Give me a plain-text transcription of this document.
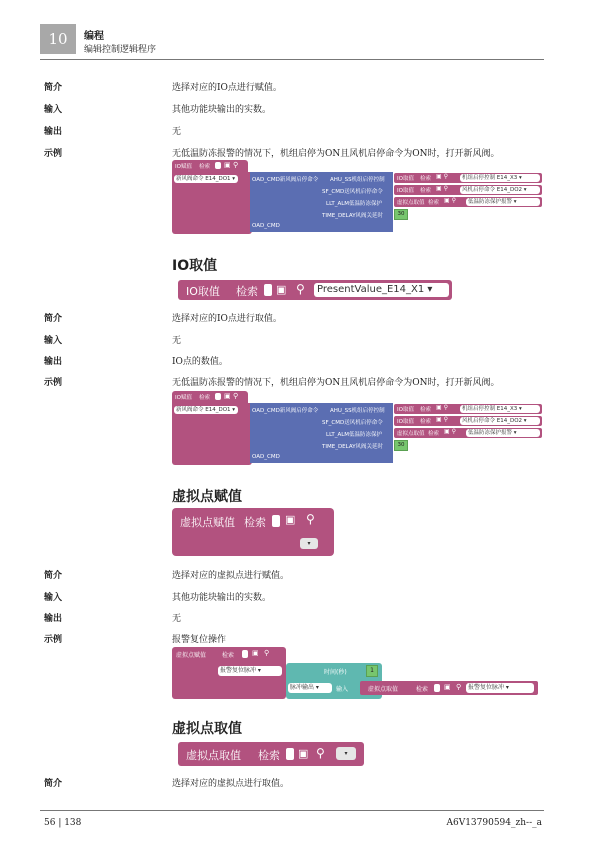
10 编程
编辑控制逻辑程序
简介	选择对应的IO点进行赋值。
输入	其他功能块输出的实数。
输出	无
示例	无低温防冻报警的情况下，机组启停为ON且风机启停命令为ON时，打开新风阀。
IO赋值 检索 ▣ ⚲
新风阀命令 E14_DO1 ▾	OAD_CMD新风阀启停命令 AHU_SS机组启停控制
SF_CMD送风机启停命令
LLT_ALM低温防冻保护
TIME_DELAY风阀关延时
OAD_CMD
IO取值 检索 ▣ ⚲	机组启停控制 E14_X3 ▾
IO取值 检索 ▣ ⚲	风机启停命令 E14_DO2 ▾
虚拟点取值 检索 ▣ ⚲	低温防冻保护报警 ▾
30
IO取值
IO取值 检索 ▣ ⚲	PresentValue_E14_X1 ▾
简介	选择对应的IO点进行取值。
输入	无
输出	IO点的数值。
示例	无低温防冻报警的情况下，机组启停为ON且风机启停命令为ON时，打开新风阀。
IO赋值 检索 ▣ ⚲
新风阀命令 E14_DO1 ▾	OAD_CMD新风阀启停命令 AHU_SS机组启停控制
SF_CMD送风机启停命令
LLT_ALM低温防冻保护
TIME_DELAY风阀关延时
OAD_CMD
IO取值 检索 ▣ ⚲	机组启停控制 E14_X3 ▾
IO取值 检索 ▣ ⚲	风机启停命令 E14_DO2 ▾
虚拟点取值 检索 ▣ ⚲	低温防冻保护报警 ▾
30
虚拟点赋值
虚拟点赋值 检索 ▣ ⚲
▾
简介	选择对应的虚拟点进行赋值。
输入	其他功能块输出的实数。
输出	无
示例	报警复位操作
虚拟点赋值	检索	▣ ⚲
报警复位脉冲 ▾	时间(秒)
脉冲输出 ▾	输入
1
虚拟点取值	检索 ▣ ⚲	报警复位脉冲 ▾
虚拟点取值
虚拟点取值 检索 ▣ ⚲	▾
简介	选择对应的虚拟点进行取值。
56 | 138	A6V13790594_zh--_a
